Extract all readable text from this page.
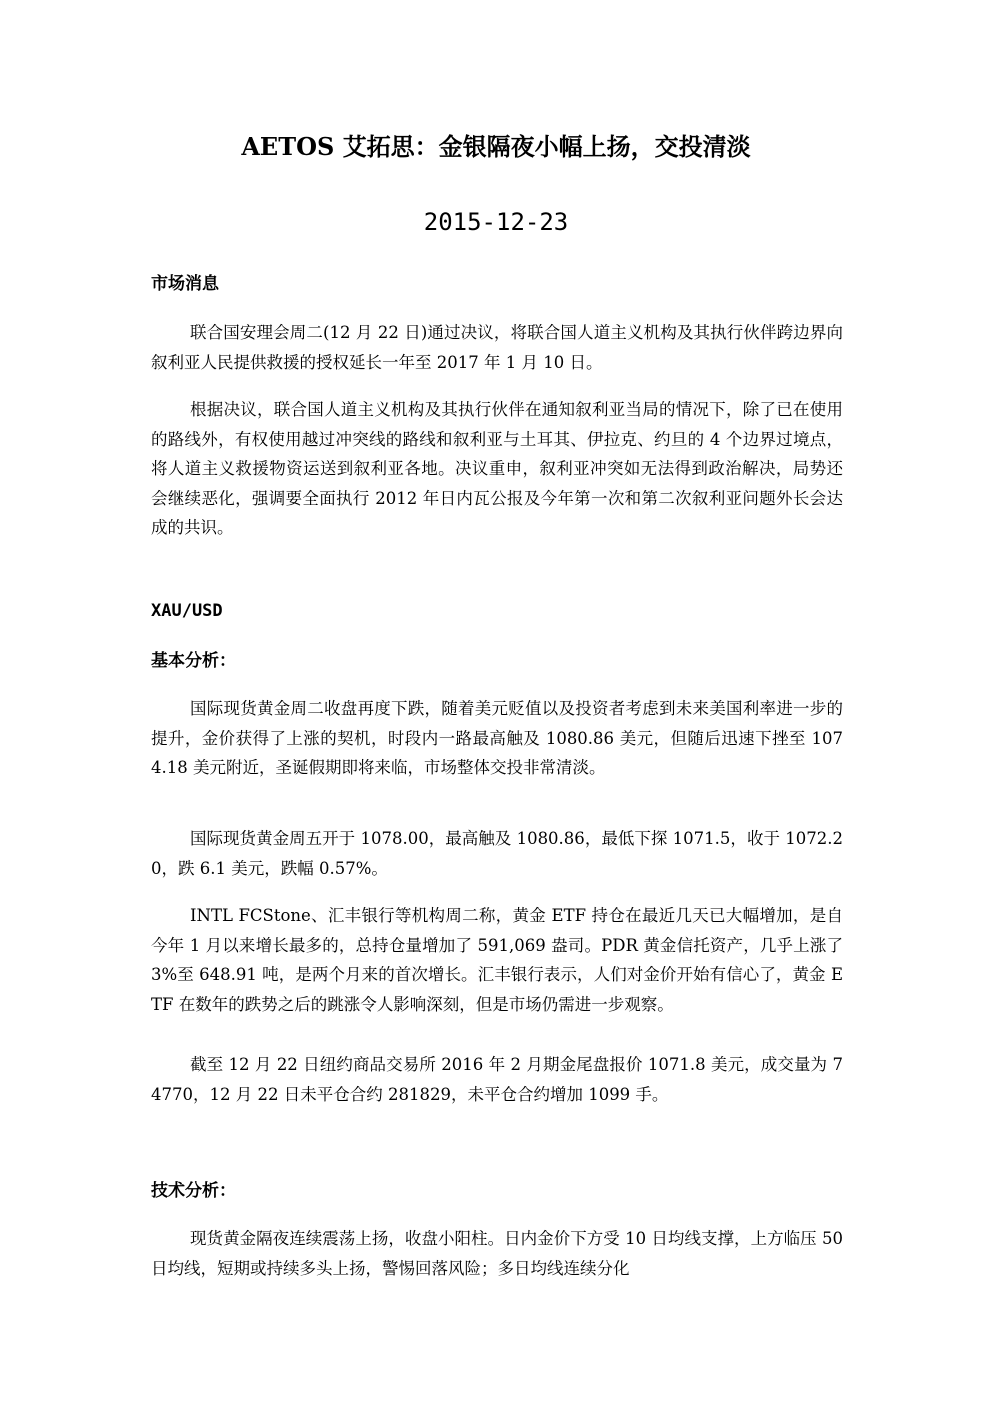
AETOS 艾拓思：金银隔夜小幅上扬，交投清淡
2015-12-23
市场消息
联合国安理会周二(12 月 22 日)通过决议，将联合国人道主义机构及其执行伙伴跨边界向叙利亚人民提供救援的授权延长一年至 2017 年 1 月 10 日。
根据决议，联合国人道主义机构及其执行伙伴在通知叙利亚当局的情况下，除了已在使用的路线外，有权使用越过冲突线的路线和叙利亚与土耳其、伊拉克、约旦的 4 个边界过境点，将人道主义救援物资运送到叙利亚各地。决议重申，叙利亚冲突如无法得到政治解决，局势还会继续恶化，强调要全面执行 2012 年日内瓦公报及今年第一次和第二次叙利亚问题外长会达成的共识。
XAU/USD
基本分析：
国际现货黄金周二收盘再度下跌，随着美元贬值以及投资者考虑到未来美国利率进一步的提升，金价获得了上涨的契机，时段内一路最高触及 1080.86 美元，但随后迅速下挫至 1074.18 美元附近，圣诞假期即将来临，市场整体交投非常清淡。
国际现货黄金周五开于 1078.00，最高触及 1080.86，最低下探 1071.5，收于 1072.20，跌 6.1 美元，跌幅 0.57%。
INTL FCStone、汇丰银行等机构周二称，黄金 ETF 持仓在最近几天已大幅增加，是自今年 1 月以来增长最多的，总持仓量增加了 591,069 盎司。PDR 黄金信托资产，几乎上涨了 3%至 648.91 吨，是两个月来的首次增长。汇丰银行表示，人们对金价开始有信心了，黄金 ETF 在数年的跌势之后的跳涨令人影响深刻，但是市场仍需进一步观察。
截至 12 月 22 日纽约商品交易所 2016 年 2 月期金尾盘报价 1071.8 美元，成交量为 74770，12 月 22 日未平仓合约 281829，未平仓合约增加 1099 手。
技术分析：
现货黄金隔夜连续震荡上扬，收盘小阳柱。日内金价下方受 10 日均线支撑，上方临压 50 日均线，短期或持续多头上扬，警惕回落风险；多日均线连续分化
